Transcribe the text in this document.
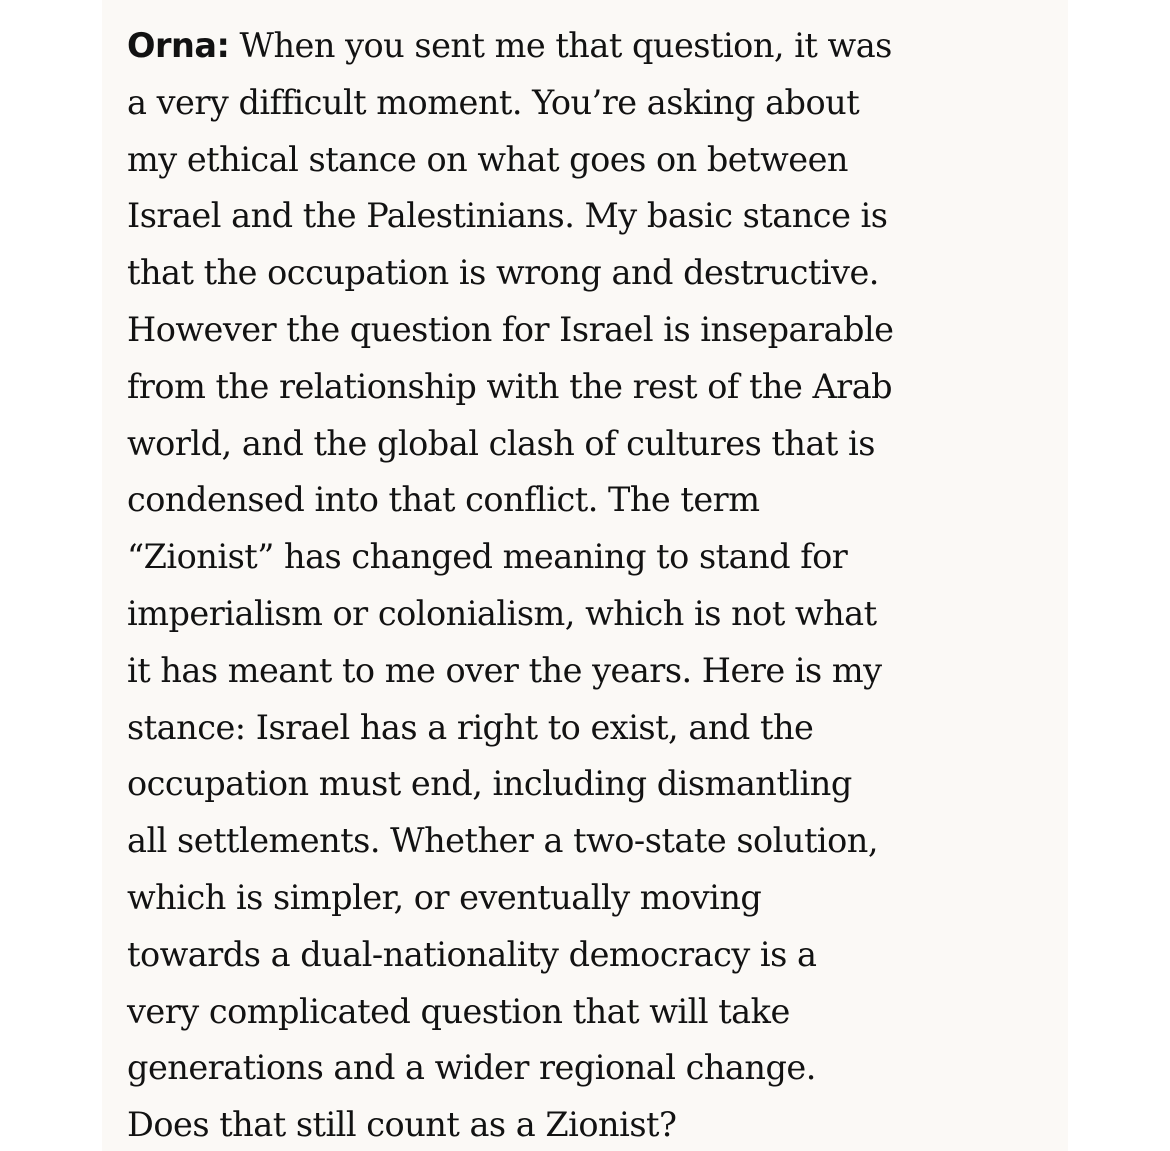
Orna: When you sent me that question, it was
a very difficult moment. You’re asking about
my ethical stance on what goes on between
Israel and the Palestinians. My basic stance is
that the occupation is wrong and destructive.
However the question for Israel is inseparable
from the relationship with the rest of the Arab
world, and the global clash of cultures that is
condensed into that conflict. The term
“Zionist” has changed meaning to stand for
imperialism or colonialism, which is not what
it has meant to me over the years. Here is my
stance: Israel has a right to exist, and the
occupation must end, including dismantling
all settlements. Whether a two-state solution,
which is simpler, or eventually moving
towards a dual-nationality democracy is a
very complicated question that will take
generations and a wider regional change.
Does that still count as a Zionist?
